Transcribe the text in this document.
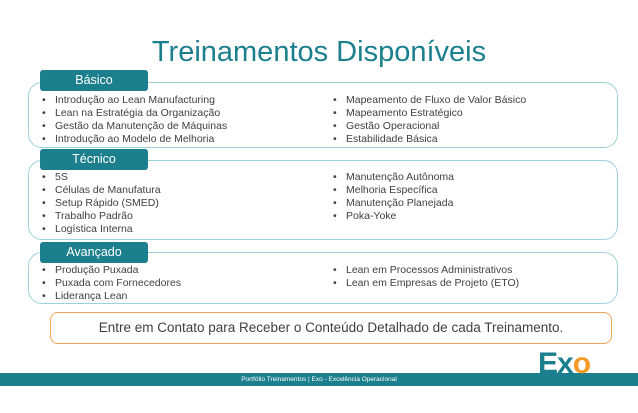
Treinamentos Disponíveis
Básico
• Introdução ao Lean Manufacturing
• Lean na Estratégia da Organização
• Gestão da Manutenção de Máquinas
• Introdução ao Modelo de Melhoria
• Mapeamento de Fluxo de Valor Básico
• Mapeamento Estratégico
• Gestão Operacional
• Estabilidade Básica
Técnico
• 5S
• Células de Manufatura
• Setup Rápido (SMED)
• Trabalho Padrão
• Logística Interna
• Manutenção Autônoma
• Melhoria Específica
• Manutenção Planejada
• Poka-Yoke
Avançado
• Produção Puxada
• Puxada com Fornecedores
• Liderança Lean
• Lean em Processos Administrativos
• Lean em Empresas de Projeto (ETO)
Entre em Contato para Receber o Conteúdo Detalhado de cada Treinamento.
Portfólio Treinamentos | Exo - Excelência Operacional	Exo EXCELÊNCIA
OPERACIONAL
